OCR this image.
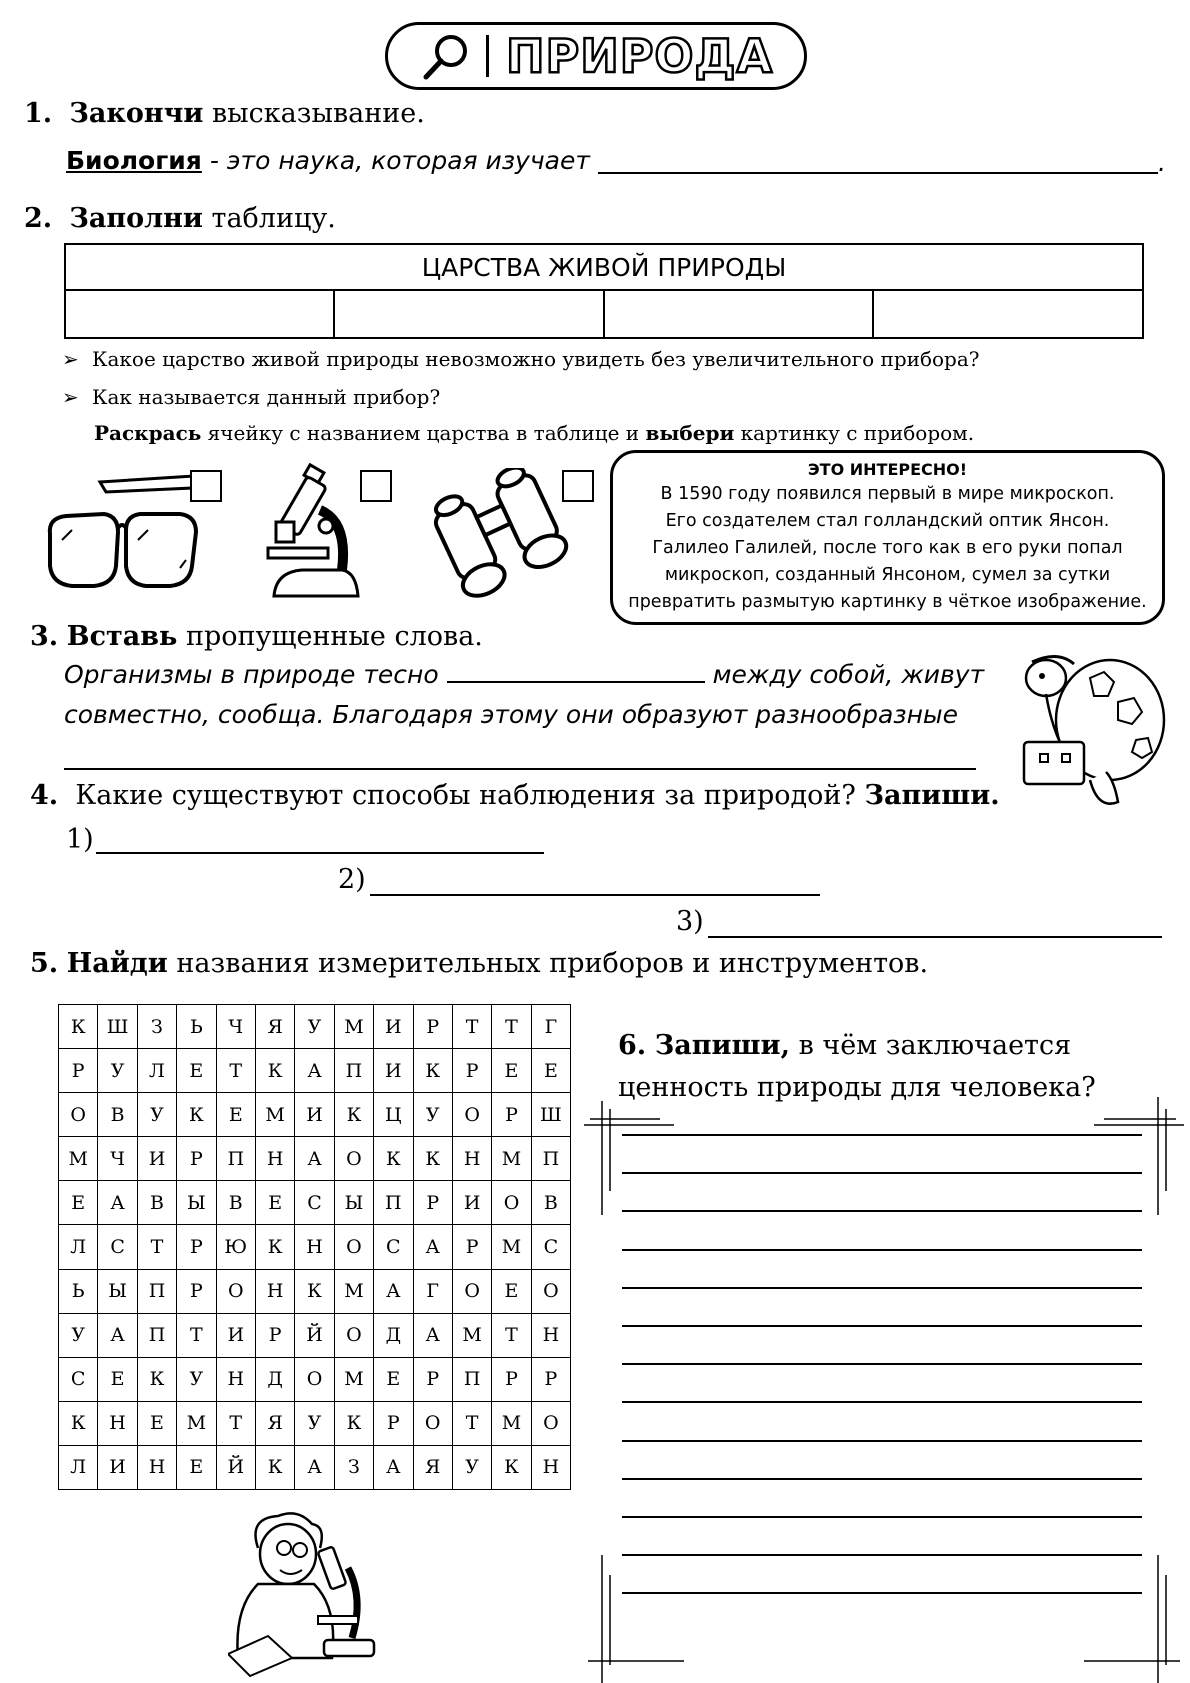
ПРИРОДА
1. Закончи высказывание.
Биология - это наука, которая изучает	.
2. Заполни таблицу.
ЦАРСТВА ЖИВОЙ ПРИРОДЫ

➢ Какое царство живой природы невозможно увидеть без увеличительного прибора?
➢ Как называется данный прибор?
Раскрась ячейку с названием царства в таблице и выбери картинку с прибором.
ЭТО ИНТЕРЕСНО!
В 1590 году появился первый в мире микроскоп.
Его создателем стал голландский оптик Янсон.
Галилео Галилей, после того как в его руки попал
микроскоп, созданный Янсоном, сумел за сутки
превратить размытую картинку в чёткое изображение.
3. Вставь пропущенные слова.
Организмы в природе тесно	между собой, живут
совместно, сообща. Благодаря этому они образуют разнообразные
4. Какие существуют способы наблюдения за природой? Запиши.
1)
2)
3)
5. Найди названия измерительных приборов и инструментов.
К	Ш	З	Ь	Ч	Я	У	М	И	Р	Т	Т	Г
Р	У	Л	Е	Т	К	А	П	И	К	Р	Е	Е
О	В	У	К	Е	М	И	К	Ц	У	О	Р	Ш
М	Ч	И	Р	П	Н	А	О	К	К	Н	М	П
Е	А	В	Ы	В	Е	С	Ы	П	Р	И	О	В
Л	С	Т	Р	Ю	К	Н	О	С	А	Р	М	С
Ь	Ы	П	Р	О	Н	К	М	А	Г	О	Е	О
У	А	П	Т	И	Р	Й	О	Д	А	М	Т	Н
С	Е	К	У	Н	Д	О	М	Е	Р	П	Р	Р
К	Н	Е	М	Т	Я	У	К	Р	О	Т	М	О
Л	И	Н	Е	Й	К	А	З	А	Я	У	К	Н
6. Запиши, в чём заключается
ценность природы для человека?
